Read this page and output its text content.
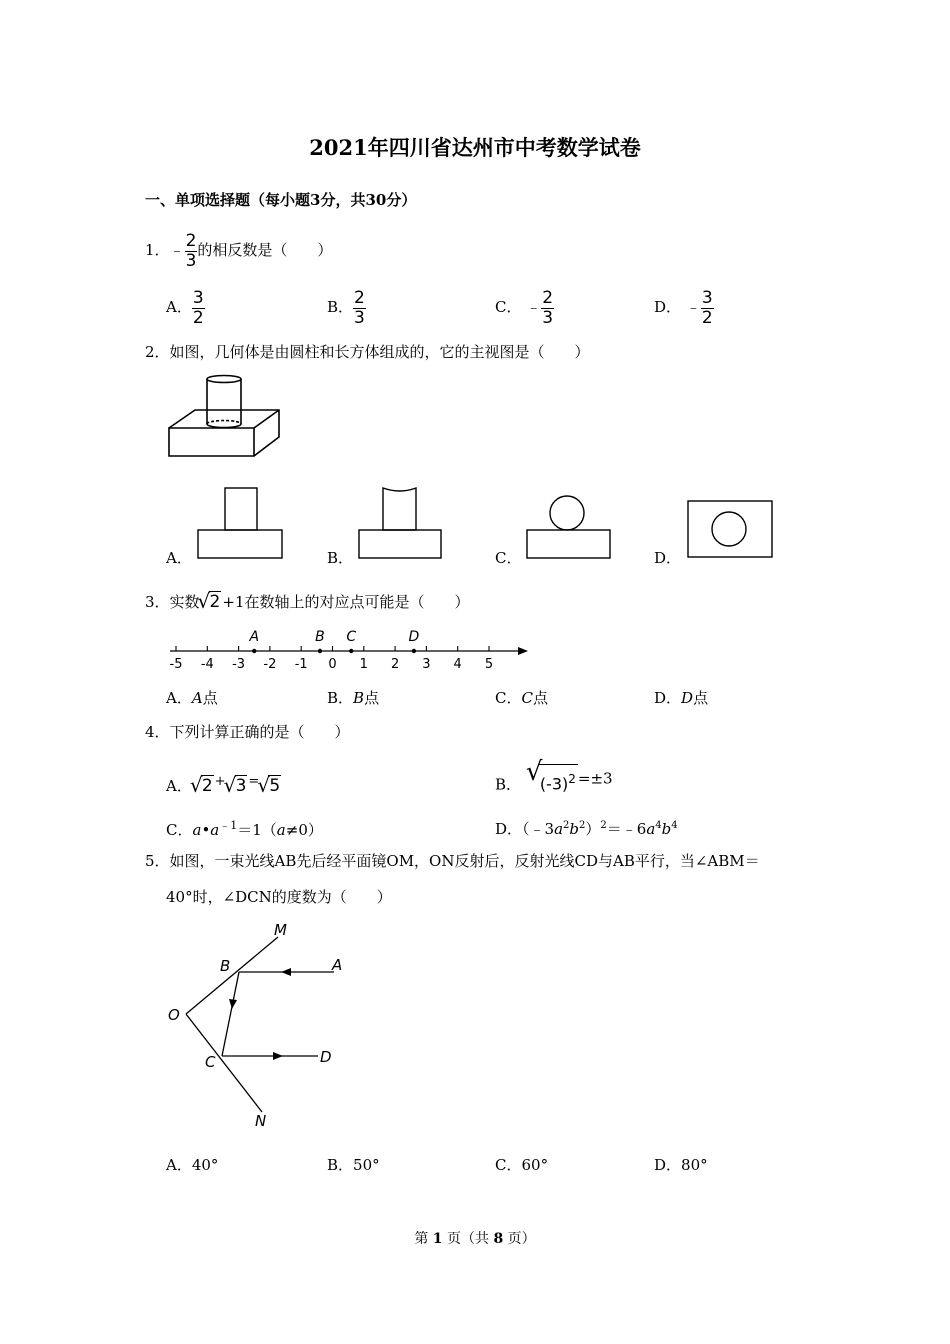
2021年四川省达州市中考数学试卷
一、单项选择题（每小题3分，共30分）
1．﹣ $\frac{2}{3}$ 的相反数是（　　）
A． $\frac{3}{2}$	B． $\frac{2}{3}$	C． ﹣ $\frac{2}{3}$	D． ﹣ $\frac{3}{2}$
2．如图，几何体是由圆柱和长方体组成的，它的主视图是（　　）
A．	B．	C．	D．
3．实数 √ 2 +1在数轴上的对应点可能是（　　）
-5 -4 -3 -2 -1 0 1 2 3 4 5
A	B C	D
A．A点	B．B点	C．C点	D．D点
4．下列计算正确的是（　　）
A． √ 2 + √ 3 = √ 5	B． √
$(-3)^2 =\pm 3$
C．$a•a^{﹣1}=1(a\ne 0)$	D．$(﹣3a^2b^2)^2=﹣6a^4b^4$
5．如图，一束光线AB先后经平面镜OM，ON反射后，反射光线CD与AB平行，当∠ABM＝
40°时，∠DCN的度数为（　　）
M
B	A
O
C	D
N
A．40°	B．50°	C．60°	D．80°
第 1 页（共 8 页）
